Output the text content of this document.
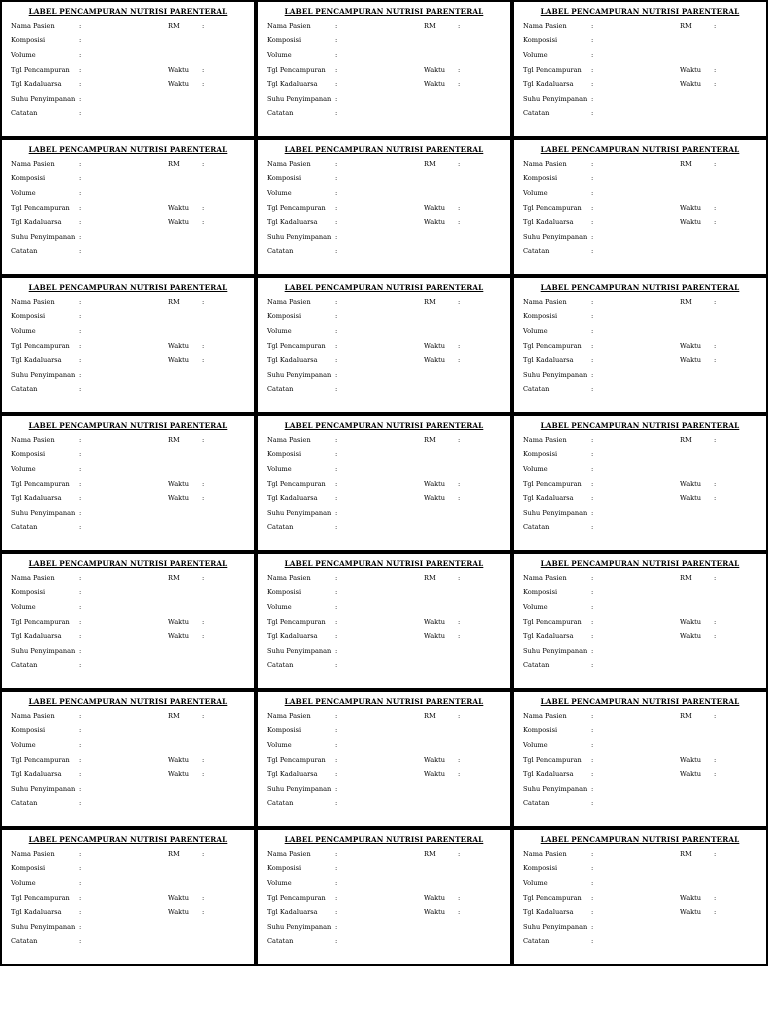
LABEL PENCAMPURAN NUTRISI PARENTERAL
Nama Pasien	:	RM	:
Komposisi	:
Volume	:
Tgl Pencampuran :	Waktu :
Tgl Kadaluarsa	:	Waktu :
Suhu Penyimpanan :
Catatan	:
LABEL PENCAMPURAN NUTRISI PARENTERAL
Nama Pasien	:	RM	:
Komposisi	:
Volume	:
Tgl Pencampuran :	Waktu :
Tgl Kadaluarsa	:	Waktu :
Suhu Penyimpanan :
Catatan	:
LABEL PENCAMPURAN NUTRISI PARENTERAL
Nama Pasien	:	RM	:
Komposisi	:
Volume	:
Tgl Pencampuran :	Waktu :
Tgl Kadaluarsa	:	Waktu :
Suhu Penyimpanan :
Catatan	:
LABEL PENCAMPURAN NUTRISI PARENTERAL
Nama Pasien	:	RM	:
Komposisi	:
Volume	:
Tgl Pencampuran :	Waktu :
Tgl Kadaluarsa	:	Waktu :
Suhu Penyimpanan :
Catatan	:
LABEL PENCAMPURAN NUTRISI PARENTERAL
Nama Pasien	:	RM	:
Komposisi	:
Volume	:
Tgl Pencampuran :	Waktu :
Tgl Kadaluarsa	:	Waktu :
Suhu Penyimpanan :
Catatan	:
LABEL PENCAMPURAN NUTRISI PARENTERAL
Nama Pasien	:	RM	:
Komposisi	:
Volume	:
Tgl Pencampuran :	Waktu :
Tgl Kadaluarsa	:	Waktu :
Suhu Penyimpanan :
Catatan	:
LABEL PENCAMPURAN NUTRISI PARENTERAL
Nama Pasien	:	RM	:
Komposisi	:
Volume	:
Tgl Pencampuran :	Waktu :
Tgl Kadaluarsa	:	Waktu :
Suhu Penyimpanan :
Catatan	:
LABEL PENCAMPURAN NUTRISI PARENTERAL
Nama Pasien	:	RM	:
Komposisi	:
Volume	:
Tgl Pencampuran :	Waktu :
Tgl Kadaluarsa	:	Waktu :
Suhu Penyimpanan :
Catatan	:
LABEL PENCAMPURAN NUTRISI PARENTERAL
Nama Pasien	:	RM	:
Komposisi	:
Volume	:
Tgl Pencampuran :	Waktu :
Tgl Kadaluarsa	:	Waktu :
Suhu Penyimpanan :
Catatan	:
LABEL PENCAMPURAN NUTRISI PARENTERAL
Nama Pasien	:	RM	:
Komposisi	:
Volume	:
Tgl Pencampuran :	Waktu :
Tgl Kadaluarsa	:	Waktu :
Suhu Penyimpanan :
Catatan	:
LABEL PENCAMPURAN NUTRISI PARENTERAL
Nama Pasien	:	RM	:
Komposisi	:
Volume	:
Tgl Pencampuran :	Waktu :
Tgl Kadaluarsa	:	Waktu :
Suhu Penyimpanan :
Catatan	:
LABEL PENCAMPURAN NUTRISI PARENTERAL
Nama Pasien	:	RM	:
Komposisi	:
Volume	:
Tgl Pencampuran :	Waktu :
Tgl Kadaluarsa	:	Waktu :
Suhu Penyimpanan :
Catatan	:
LABEL PENCAMPURAN NUTRISI PARENTERAL
Nama Pasien	:	RM	:
Komposisi	:
Volume	:
Tgl Pencampuran :	Waktu :
Tgl Kadaluarsa	:	Waktu :
Suhu Penyimpanan :
Catatan	:
LABEL PENCAMPURAN NUTRISI PARENTERAL
Nama Pasien	:	RM	:
Komposisi	:
Volume	:
Tgl Pencampuran :	Waktu :
Tgl Kadaluarsa	:	Waktu :
Suhu Penyimpanan :
Catatan	:
LABEL PENCAMPURAN NUTRISI PARENTERAL
Nama Pasien	:	RM	:
Komposisi	:
Volume	:
Tgl Pencampuran :	Waktu :
Tgl Kadaluarsa	:	Waktu :
Suhu Penyimpanan :
Catatan	:
LABEL PENCAMPURAN NUTRISI PARENTERAL
Nama Pasien	:	RM	:
Komposisi	:
Volume	:
Tgl Pencampuran :	Waktu :
Tgl Kadaluarsa	:	Waktu :
Suhu Penyimpanan :
Catatan	:
LABEL PENCAMPURAN NUTRISI PARENTERAL
Nama Pasien	:	RM	:
Komposisi	:
Volume	:
Tgl Pencampuran :	Waktu :
Tgl Kadaluarsa	:	Waktu :
Suhu Penyimpanan :
Catatan	:
LABEL PENCAMPURAN NUTRISI PARENTERAL
Nama Pasien	:	RM	:
Komposisi	:
Volume	:
Tgl Pencampuran :	Waktu :
Tgl Kadaluarsa	:	Waktu :
Suhu Penyimpanan :
Catatan	:
LABEL PENCAMPURAN NUTRISI PARENTERAL
Nama Pasien	:	RM	:
Komposisi	:
Volume	:
Tgl Pencampuran :	Waktu :
Tgl Kadaluarsa	:	Waktu :
Suhu Penyimpanan :
Catatan	:
LABEL PENCAMPURAN NUTRISI PARENTERAL
Nama Pasien	:	RM	:
Komposisi	:
Volume	:
Tgl Pencampuran :	Waktu :
Tgl Kadaluarsa	:	Waktu :
Suhu Penyimpanan :
Catatan	:
LABEL PENCAMPURAN NUTRISI PARENTERAL
Nama Pasien	:	RM	:
Komposisi	:
Volume	:
Tgl Pencampuran :	Waktu :
Tgl Kadaluarsa	:	Waktu :
Suhu Penyimpanan :
Catatan	:
